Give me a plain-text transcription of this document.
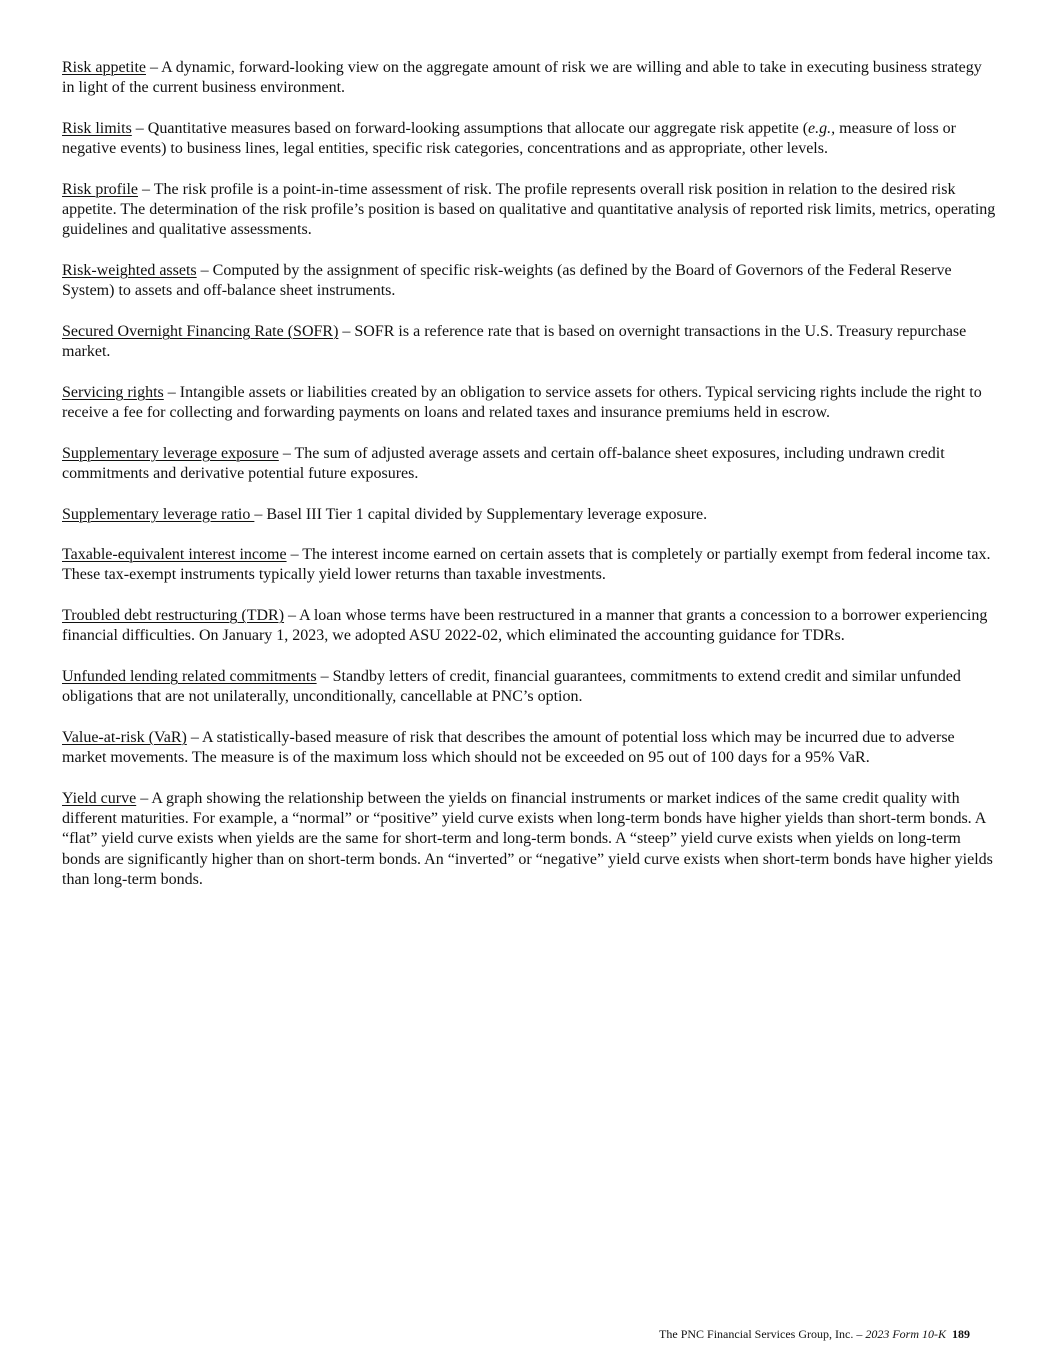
Risk appetite – A dynamic, forward-looking view on the aggregate amount of risk we are willing and able to take in executing business strategy in light of the current business environment.

Risk limits – Quantitative measures based on forward-looking assumptions that allocate our aggregate risk appetite (e.g., measure of loss or negative events) to business lines, legal entities, specific risk categories, concentrations and as appropriate, other levels.

Risk profile – The risk profile is a point-in-time assessment of risk. The profile represents overall risk position in relation to the desired risk appetite. The determination of the risk profile’s position is based on qualitative and quantitative analysis of reported risk limits, metrics, operating guidelines and qualitative assessments.

Risk-weighted assets – Computed by the assignment of specific risk-weights (as defined by the Board of Governors of the Federal Reserve System) to assets and off-balance sheet instruments.

Secured Overnight Financing Rate (SOFR) – SOFR is a reference rate that is based on overnight transactions in the U.S. Treasury repurchase market.

Servicing rights – Intangible assets or liabilities created by an obligation to service assets for others. Typical servicing rights include the right to receive a fee for collecting and forwarding payments on loans and related taxes and insurance premiums held in escrow.

Supplementary leverage exposure – The sum of adjusted average assets and certain off-balance sheet exposures, including undrawn credit commitments and derivative potential future exposures.

Supplementary leverage ratio – Basel III Tier 1 capital divided by Supplementary leverage exposure.

Taxable-equivalent interest income – The interest income earned on certain assets that is completely or partially exempt from federal income tax. These tax-exempt instruments typically yield lower returns than taxable investments.

Troubled debt restructuring (TDR) – A loan whose terms have been restructured in a manner that grants a concession to a borrower experiencing financial difficulties. On January 1, 2023, we adopted ASU 2022-02, which eliminated the accounting guidance for TDRs.

Unfunded lending related commitments – Standby letters of credit, financial guarantees, commitments to extend credit and similar unfunded obligations that are not unilaterally, unconditionally, cancellable at PNC’s option.

Value-at-risk (VaR) – A statistically-based measure of risk that describes the amount of potential loss which may be incurred due to adverse market movements. The measure is of the maximum loss which should not be exceeded on 95 out of 100 days for a 95% VaR.

Yield curve – A graph showing the relationship between the yields on financial instruments or market indices of the same credit quality with different maturities. For example, a “normal” or “positive” yield curve exists when long-term bonds have higher yields than short-term bonds. A “flat” yield curve exists when yields are the same for short-term and long-term bonds. A “steep” yield curve exists when yields on long-term bonds are significantly higher than on short-term bonds. An “inverted” or “negative” yield curve exists when short-term bonds have higher yields than long-term bonds.

The PNC Financial Services Group, Inc. – 2023 Form 10-K 189
